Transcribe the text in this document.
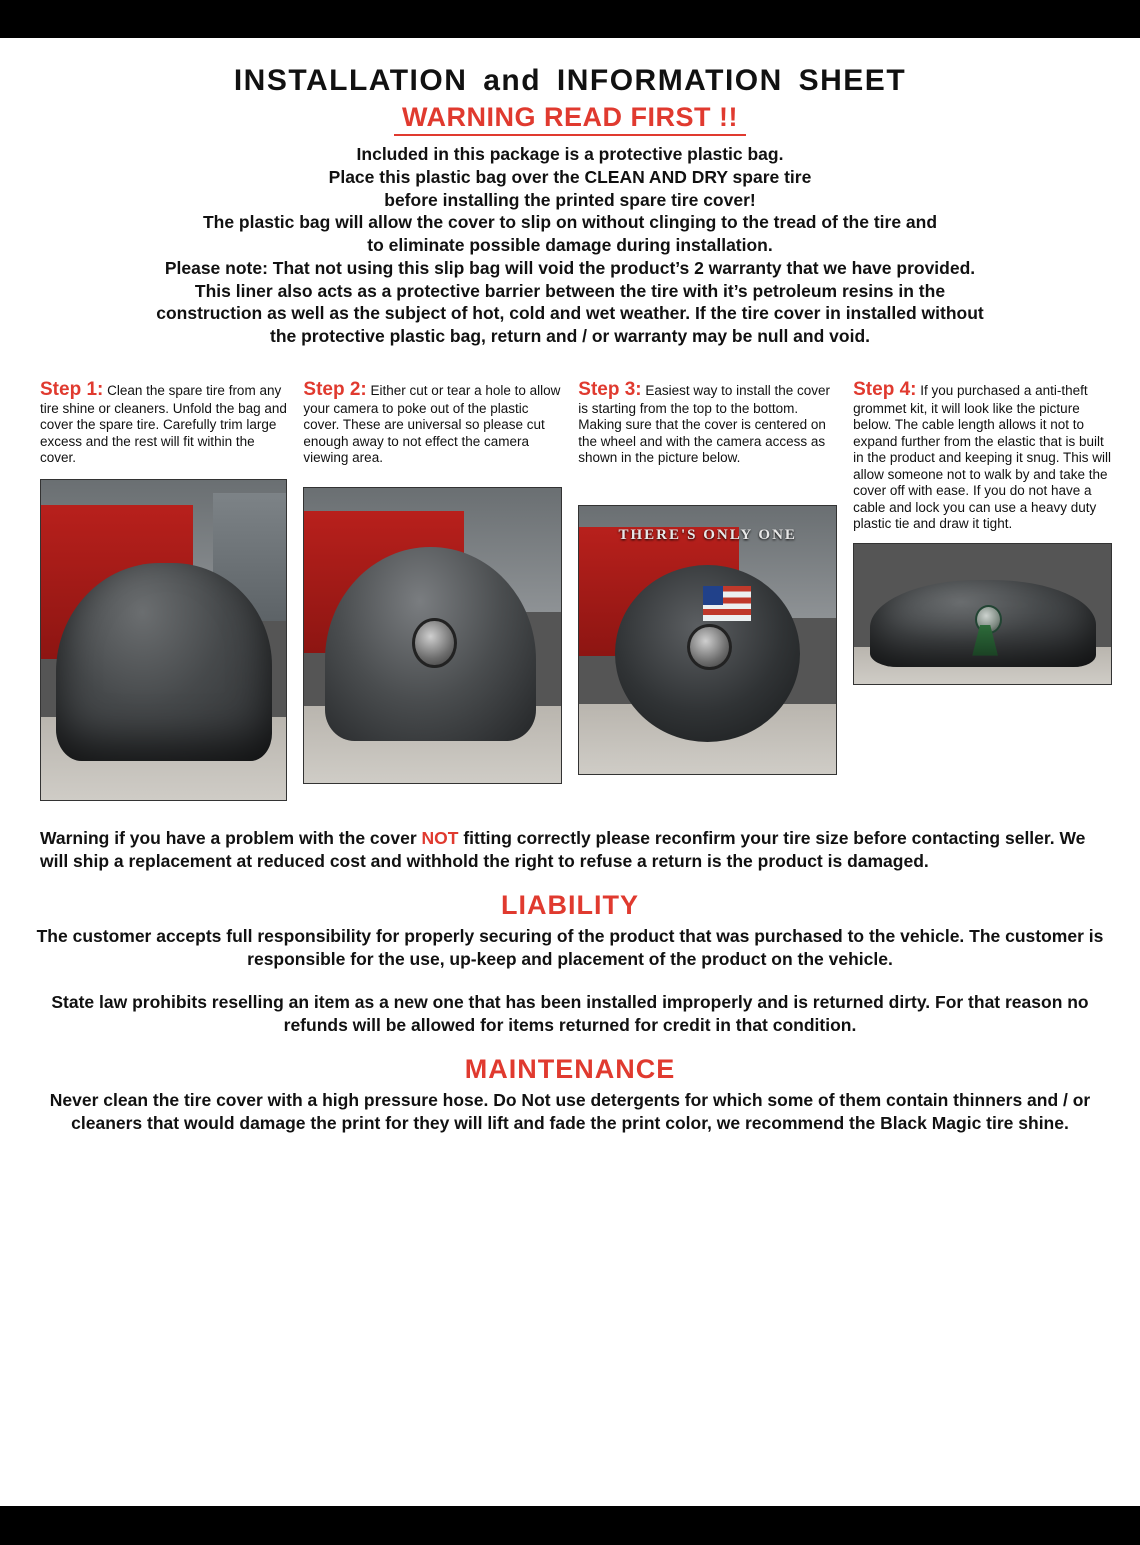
INSTALLATION and INFORMATION SHEET
WARNING READ FIRST !!

Included in this package is a protective plastic bag.

Place this plastic bag over the CLEAN AND DRY spare tire

before installing the printed spare tire cover!

The plastic bag will allow the cover to slip on without clinging to the tread of the tire and

to eliminate possible damage during installation.

Please note: That not using this slip bag will void the product’s 2 warranty that we have provided.

This liner also acts as a protective barrier between the tire with it’s petroleum resins in the

construction as well as the subject of hot, cold and wet weather. If the tire cover in installed without

the protective plastic bag, return and / or warranty may be null and void.

Step 1: Clean the spare tire from any tire shine or cleaners. Unfold the bag and cover the spare tire. Carefully trim large excess and the rest will fit within the cover.
Step 2: Either cut or tear a hole to allow your camera to poke out of the plastic cover. These are universal so please cut enough away to not effect the camera viewing area.
Step 3: Easiest way to install the cover is starting from the top to the bottom. Making sure that the cover is centered on the wheel and with the camera access as shown in the picture below.
THERE'S ONLY ONE
Step 4: If you purchased a anti-theft grommet kit, it will look like the picture below. The cable length allows it not to expand further from the elastic that is built in the product and keeping it snug. This will allow someone not to walk by and take the cover off with ease. If you do not have a cable and lock you can use a heavy duty plastic tie and draw it tight.
Warning if you have a problem with the cover NOT fitting correctly please reconfirm your tire size before contacting seller. We will ship a replacement at reduced cost and withhold the right to refuse a return is the product is damaged.
LIABILITY
The customer accepts full responsibility for properly securing of the product that was purchased to the vehicle. The customer is responsible for the use, up-keep and placement of the product on the vehicle.
State law prohibits reselling an item as a new one that has been installed improperly and is returned dirty. For that reason no refunds will be allowed for items returned for credit in that condition.
MAINTENANCE
Never clean the tire cover with a high pressure hose. Do Not use detergents for which some of them contain thinners and / or cleaners that would damage the print for they will lift and fade the print color, we recommend the Black Magic tire shine.
